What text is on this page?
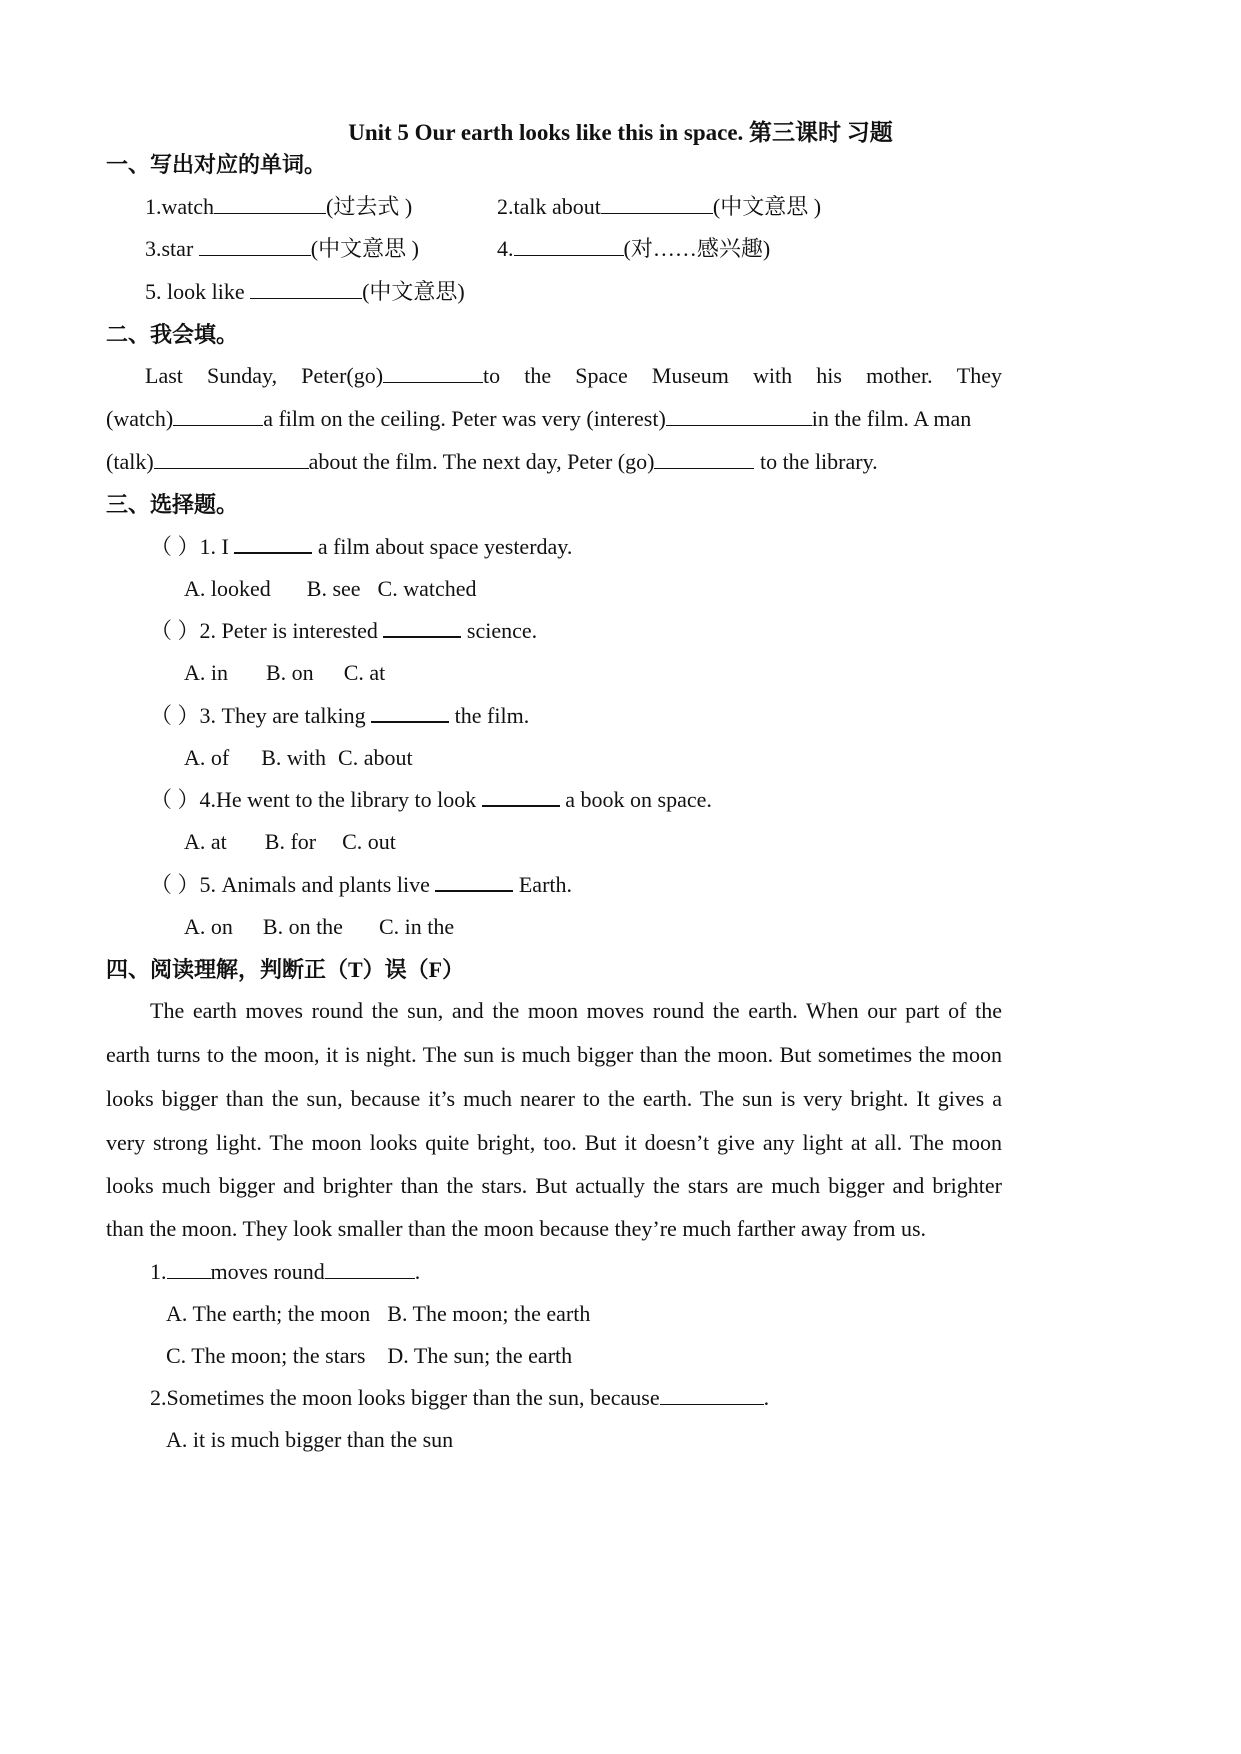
Unit 5 Our earth looks like this in space. 第三课时 习题
一、写出对应的单词。
1.watch	(过去式 )	2.talk about	(中文意思 )
3.star	(中文意思 )	4.	(对……感兴趣)
5. look like	(中文意思)
二、我会填。
Last Sunday, Peter(go)	to the Space Museum with his mother. They
(watch)	a film on the ceiling. Peter was very (interest)	in the film. A man
(talk)	about the film. The next day, Peter (go)	to the library.
三、选择题。
（ ）1. I	a film about space yesterday.
A. looked B. see C. watched
（ ）2. Peter is interested	science.
A. in B. on C. at
（ ）3. They are talking	the film.
A. of B. with C. about
（ ）4.He went to the library to look	a book on space.
A. at B. for C. out
（ ）5. Animals and plants live	Earth.
A. on B. on the C. in the
四、阅读理解，判断正（T）误（F）
The earth moves round the sun, and the moon moves round the earth. When our part of the
earth turns to the moon, it is night. The sun is much bigger than the moon. But sometimes the moon
looks bigger than the sun, because it’s much nearer to the earth. The sun is very bright. It gives a
very strong light. The moon looks quite bright, too. But it doesn’t give any light at all. The moon
looks much bigger and brighter than the stars. But actually the stars are much bigger and brighter
than the moon. They look smaller than the moon because they’re much farther away from us.
1. moves round	.
A. The earth; the moon B. The moon; the earth
C. The moon; the stars D. The sun; the earth
2.Sometimes the moon looks bigger than the sun, because	.
A. it is much bigger than the sun
